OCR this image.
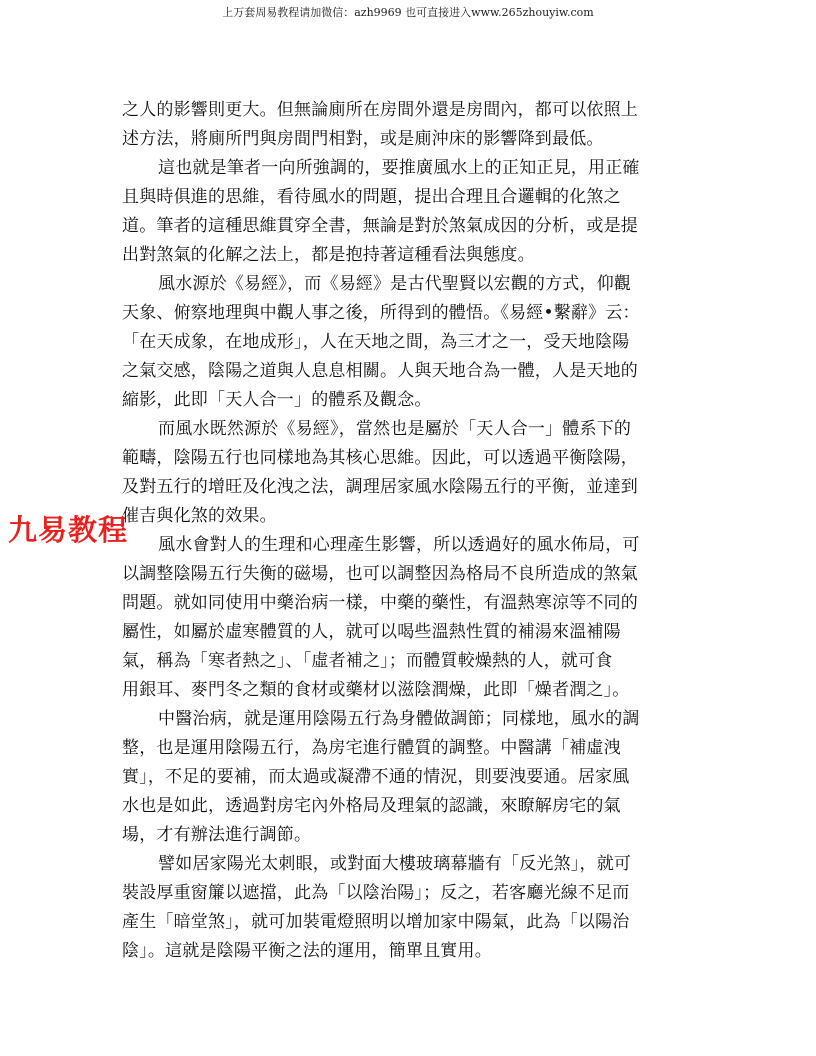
上万套周易教程请加微信：azh9969 也可直接进入www.265zhouyiw.com
九易教程
之人的影響則更大。但無論廁所在房間外還是房間內，都可以依照上
述方法，將廁所門與房間門相對，或是廁沖床的影響降到最低。
這也就是筆者一向所強調的，要推廣風水上的正知正見，用正確
且與時俱進的思維，看待風水的問題，提出合理且合邏輯的化煞之
道。筆者的這種思維貫穿全書，無論是對於煞氣成因的分析，或是提
出對煞氣的化解之法上，都是抱持著這種看法與態度。
風水源於《易經》，而《易經》是古代聖賢以宏觀的方式，仰觀
天象、俯察地理與中觀人事之後，所得到的體悟。《易經•繫辭》云：
「在天成象，在地成形」，人在天地之間，為三才之一，受天地陰陽
之氣交感，陰陽之道與人息息相關。人與天地合為一體，人是天地的
縮影，此即「天人合一」的體系及觀念。
而風水既然源於《易經》，當然也是屬於「天人合一」體系下的
範疇，陰陽五行也同樣地為其核心思維。因此，可以透過平衡陰陽，
及對五行的增旺及化洩之法，調理居家風水陰陽五行的平衡，並達到
催吉與化煞的效果。
風水會對人的生理和心理產生影響，所以透過好的風水佈局，可
以調整陰陽五行失衡的磁場，也可以調整因為格局不良所造成的煞氣
問題。就如同使用中藥治病一樣，中藥的藥性，有溫熱寒涼等不同的
屬性，如屬於虛寒體質的人，就可以喝些溫熱性質的補湯來溫補陽
氣，稱為「寒者熱之」、「虛者補之」；而體質較燥熱的人，就可食
用銀耳、麥門冬之類的食材或藥材以滋陰潤燥，此即「燥者潤之」。
中醫治病，就是運用陰陽五行為身體做調節；同樣地，風水的調
整，也是運用陰陽五行，為房宅進行體質的調整。中醫講「補虛洩
實」，不足的要補，而太過或凝滯不通的情況，則要洩要通。居家風
水也是如此，透過對房宅內外格局及理氣的認識，來瞭解房宅的氣
場，才有辦法進行調節。
譬如居家陽光太刺眼，或對面大樓玻璃幕牆有「反光煞」，就可
裝設厚重窗簾以遮擋，此為「以陰治陽」；反之，若客廳光線不足而
產生「暗堂煞」，就可加裝電燈照明以增加家中陽氣，此為「以陽治
陰」。這就是陰陽平衡之法的運用，簡單且實用。
